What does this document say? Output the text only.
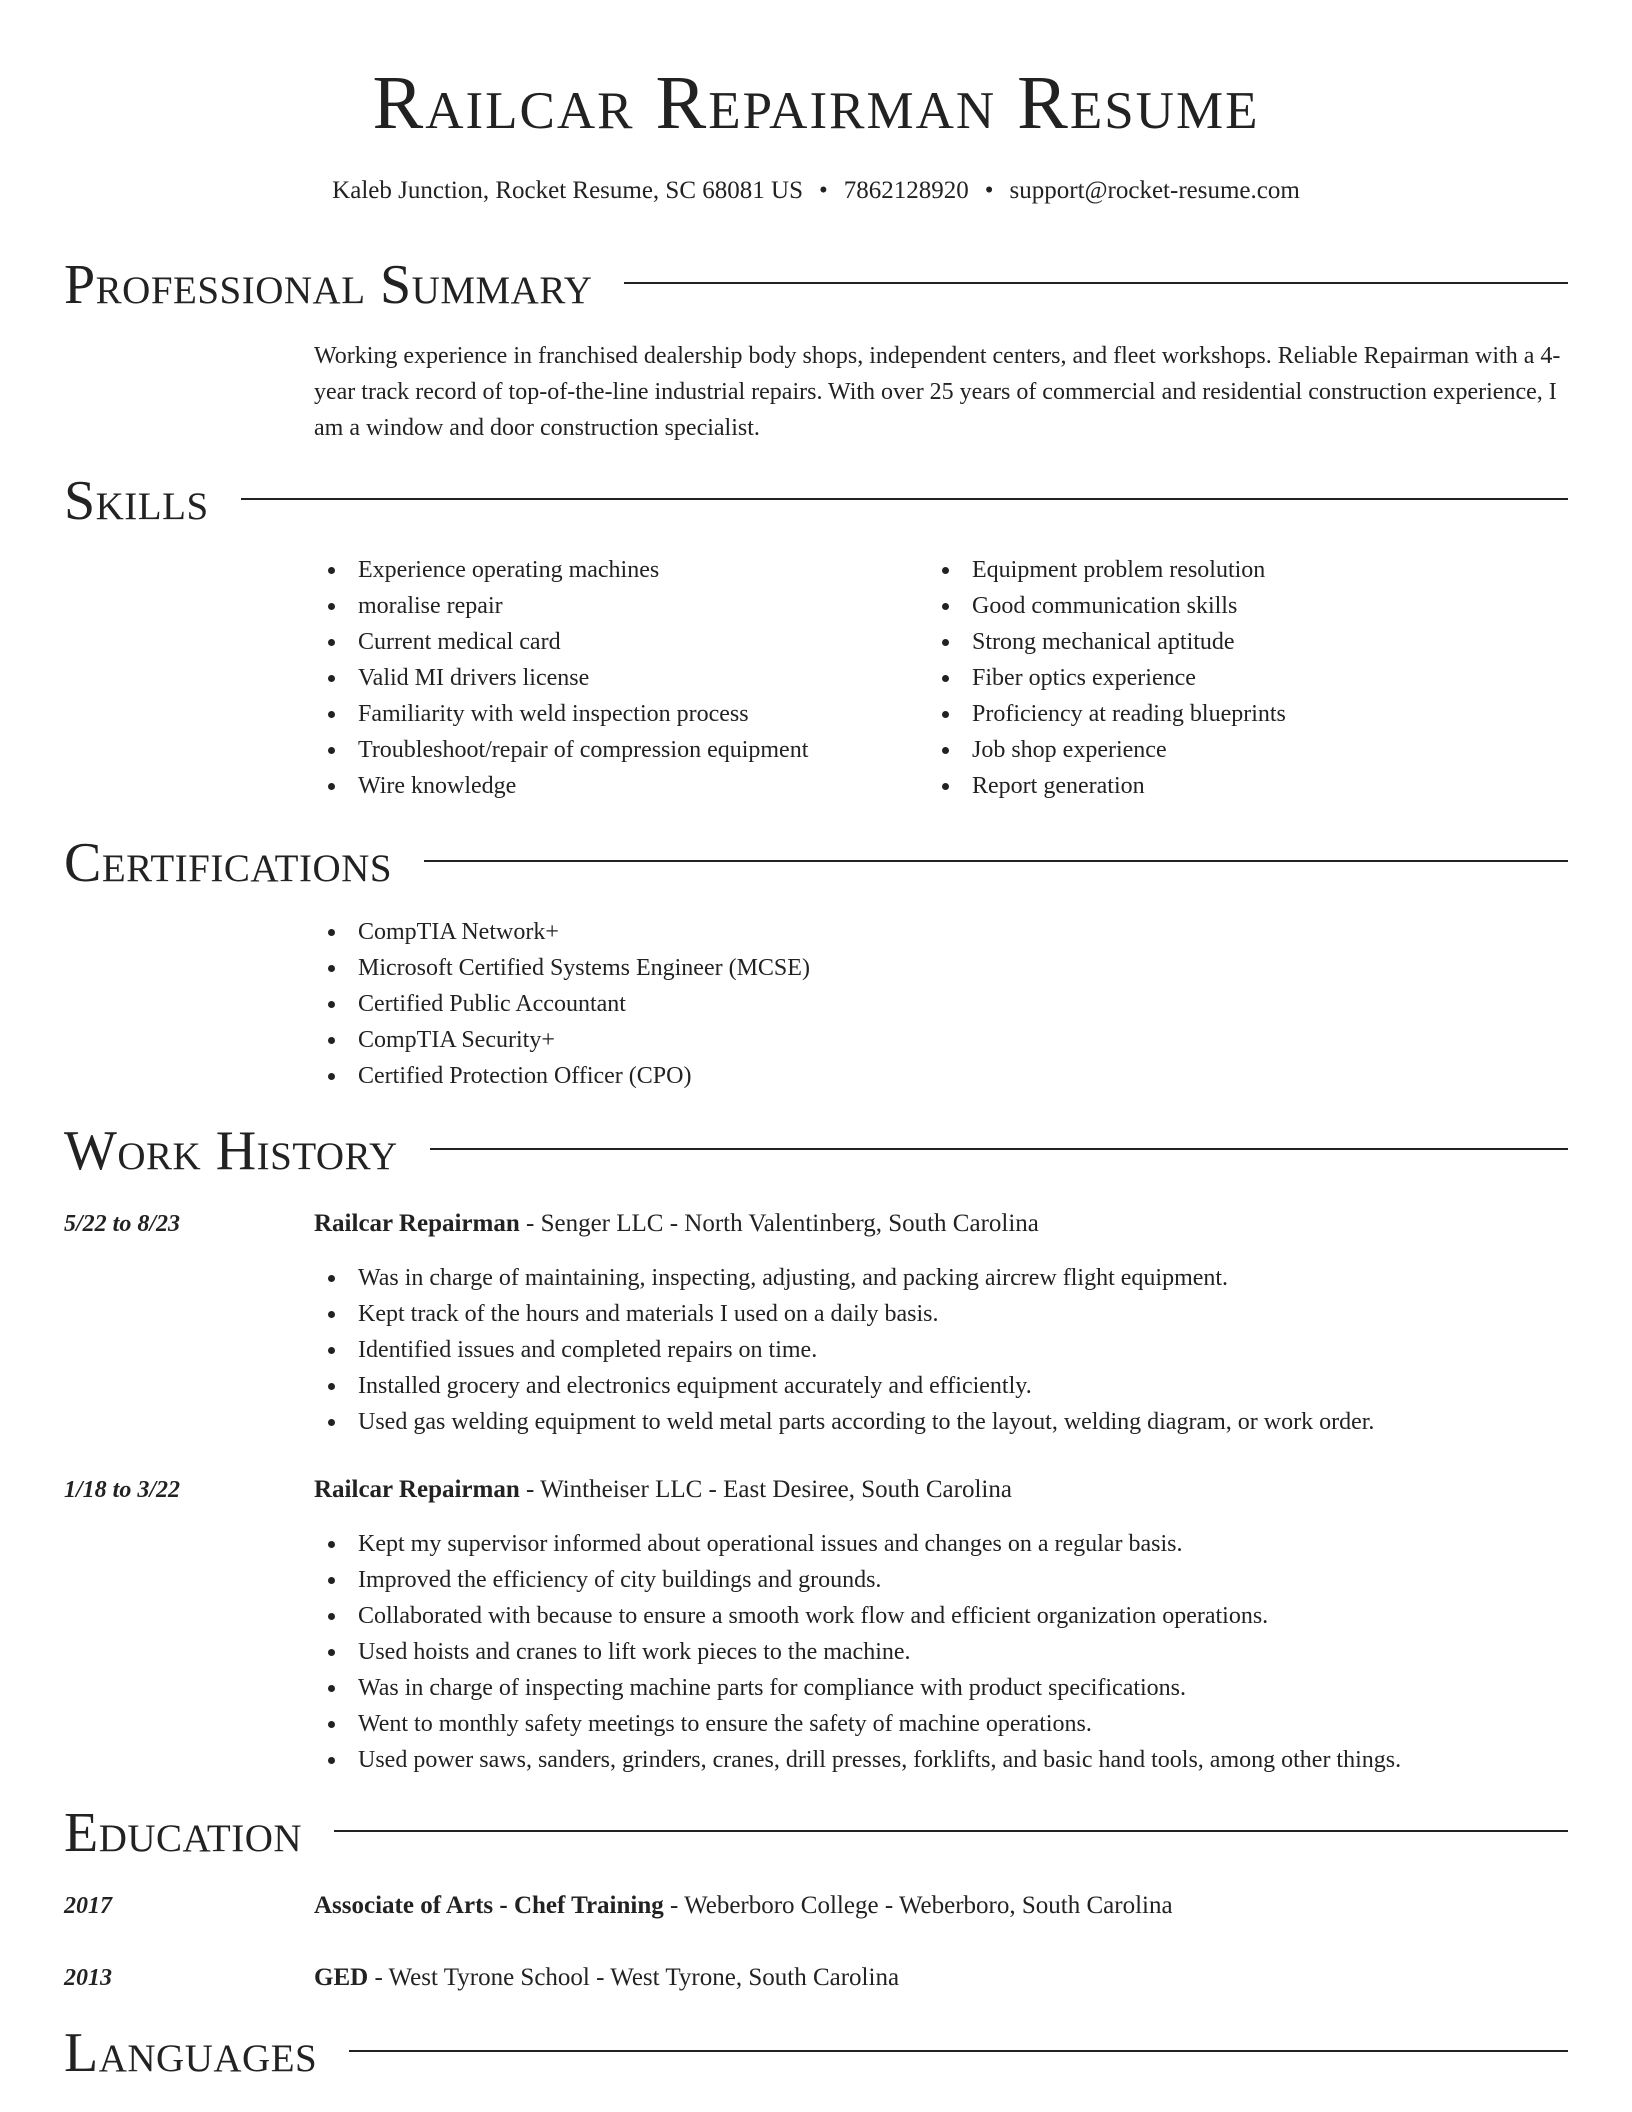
Railcar Repairman Resume
Kaleb Junction, Rocket Resume, SC 68081 US • 7862128920 • support@rocket-resume.com
Professional Summary
Working experience in franchised dealership body shops, independent centers, and fleet workshops. Reliable Repairman with a 4-year track record of top-of-the-line industrial repairs. With over 25 years of commercial and residential construction experience, I am a window and door construction specialist.
Skills
Experience operating machines
moralise repair
Current medical card
Valid MI drivers license
Familiarity with weld inspection process
Troubleshoot/repair of compression equipment
Wire knowledge
Equipment problem resolution
Good communication skills
Strong mechanical aptitude
Fiber optics experience
Proficiency at reading blueprints
Job shop experience
Report generation
Certifications
CompTIA Network+
Microsoft Certified Systems Engineer (MCSE)
Certified Public Accountant
CompTIA Security+
Certified Protection Officer (CPO)
Work History
5/22 to 8/23	Railcar Repairman - Senger LLC - North Valentinberg, South Carolina
Was in charge of maintaining, inspecting, adjusting, and packing aircrew flight equipment.
Kept track of the hours and materials I used on a daily basis.
Identified issues and completed repairs on time.
Installed grocery and electronics equipment accurately and efficiently.
Used gas welding equipment to weld metal parts according to the layout, welding diagram, or work order.
1/18 to 3/22	Railcar Repairman - Wintheiser LLC - East Desiree, South Carolina
Kept my supervisor informed about operational issues and changes on a regular basis.
Improved the efficiency of city buildings and grounds.
Collaborated with because to ensure a smooth work flow and efficient organization operations.
Used hoists and cranes to lift work pieces to the machine.
Was in charge of inspecting machine parts for compliance with product specifications.
Went to monthly safety meetings to ensure the safety of machine operations.
Used power saws, sanders, grinders, cranes, drill presses, forklifts, and basic hand tools, among other things.
Education
2017	Associate of Arts - Chef Training - Weberboro College - Weberboro, South Carolina
2013	GED - West Tyrone School - West Tyrone, South Carolina
Languages
